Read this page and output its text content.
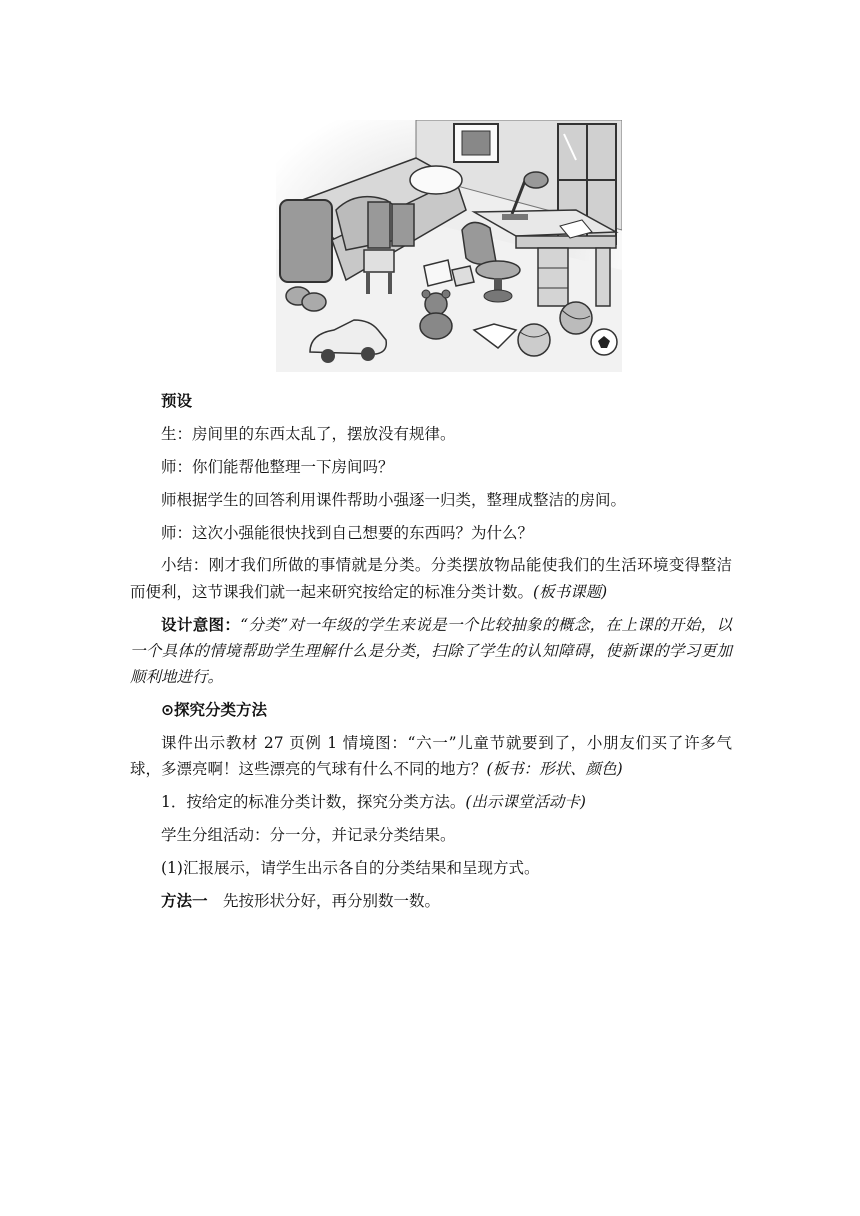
预设

生：房间里的东西太乱了，摆放没有规律。

师：你们能帮他整理一下房间吗？

师根据学生的回答利用课件帮助小强逐一归类，整理成整洁的房间。

师：这次小强能很快找到自己想要的东西吗？为什么？

小结：刚才我们所做的事情就是分类。分类摆放物品能使我们的生活环境变得整洁而便利，这节课我们就一起来研究按给定的标准分类计数。(板书课题)

设计意图：“分类”对一年级的学生来说是一个比较抽象的概念，在上课的开始，以一个具体的情境帮助学生理解什么是分类，扫除了学生的认知障碍，使新课的学习更加顺利地进行。

⊙探究分类方法

课件出示教材 27 页例 1 情境图：“六一”儿童节就要到了，小朋友们买了许多气球，多漂亮啊！这些漂亮的气球有什么不同的地方？(板书：形状、颜色)

1．按给定的标准分类计数，探究分类方法。(出示课堂活动卡)

学生分组活动：分一分，并记录分类结果。

(1)汇报展示，请学生出示各自的分类结果和呈现方式。

方法一　 先按形状分好，再分别数一数。
